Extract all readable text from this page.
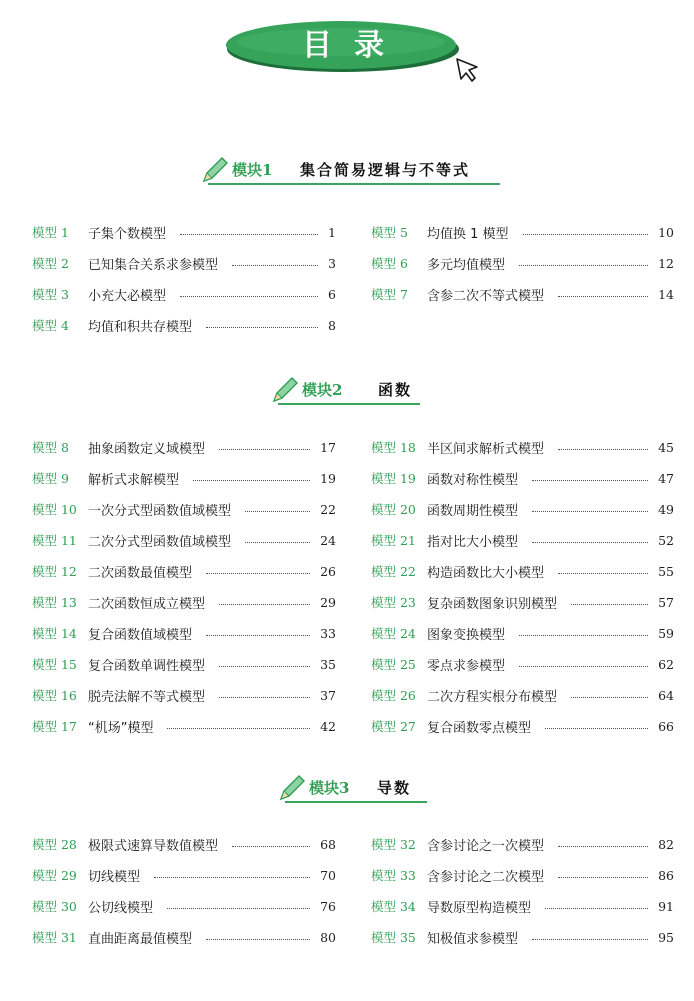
目录
模块1 集合简易逻辑与不等式
模块2 函数
模块3 导数
模型 1 子集个数模型	1
模型 2 已知集合关系求参模型	3
模型 3 小充大必模型	6
模型 4 均值和积共存模型	8
模型 5 均值换 1 模型	10
模型 6 多元均值模型	12
模型 7 含参二次不等式模型	14
模型 8 抽象函数定义域模型	17
模型 9 解析式求解模型	19
模型 10 一次分式型函数值域模型	22
模型 11 二次分式型函数值域模型	24
模型 12 二次函数最值模型	26
模型 13 二次函数恒成立模型	29
模型 14 复合函数值域模型	33
模型 15 复合函数单调性模型	35
模型 16 脱壳法解不等式模型	37
模型 17 “机场”模型	42
模型 18 半区间求解析式模型	45
模型 19 函数对称性模型	47
模型 20 函数周期性模型	49
模型 21 指对比大小模型	52
模型 22 构造函数比大小模型	55
模型 23 复杂函数图象识别模型	57
模型 24 图象变换模型	59
模型 25 零点求参模型	62
模型 26 二次方程实根分布模型	64
模型 27 复合函数零点模型	66
模型 28 极限式速算导数值模型	68
模型 29 切线模型	70
模型 30 公切线模型	76
模型 31 直曲距离最值模型	80
模型 32 含参讨论之一次模型	82
模型 33 含参讨论之二次模型	86
模型 34 导数原型构造模型	91
模型 35 知极值求参模型	95
